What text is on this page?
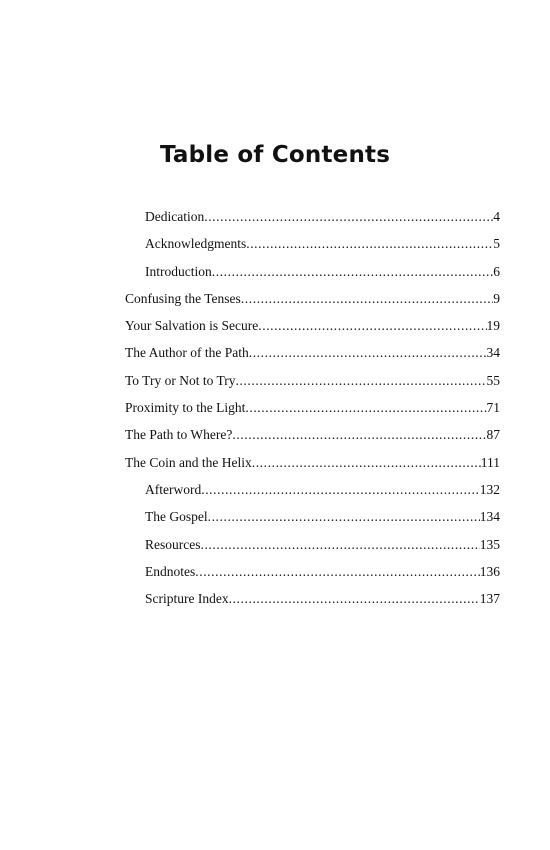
Table of Contents
Dedication .....	4
Acknowledgments .....	5
Introduction .....	6
Confusing the Tenses .....	9
Your Salvation is Secure .....	19
The Author of the Path .....	34
To Try or Not to Try .....	55
Proximity to the Light .....	71
The Path to Where? .....	87
The Coin and the Helix .....	111
Afterword .....	132
The Gospel .....	134
Resources .....	135
Endnotes .....	136
Scripture Index .....	137
